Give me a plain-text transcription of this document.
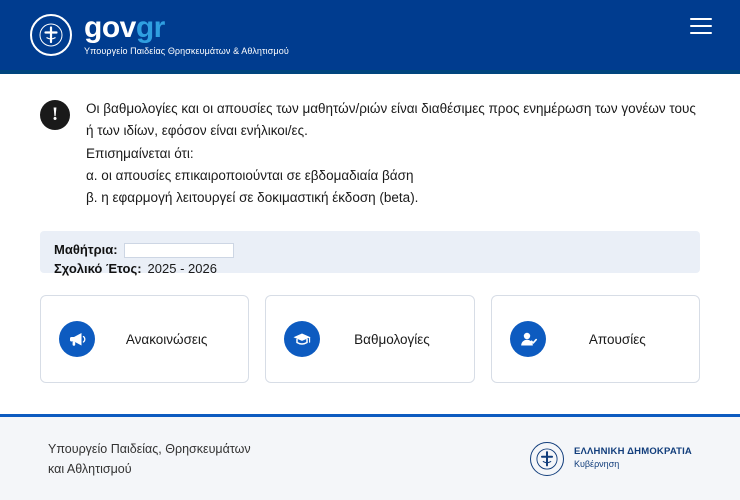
govgr
Υπουργείο Παιδείας Θρησκευμάτων & Αθλητισμού
!	Οι βαθμολογίες και οι απουσίες των μαθητών/ριών είναι διαθέσιμες προς ενημέρωση των γονέων τους ή των ιδίων, εφόσον είναι ενήλικοι/ες.

Επισημαίνεται ότι:

α. οι απουσίες επικαιροποιούνται σε εβδομαδιαία βάση

β. η εφαρμογή λειτουργεί σε δοκιμαστική έκδοση (beta).

Μαθήτρια:
Σχολικό Έτος: 2025 - 2026
Ανακοινώσεις	Βαθμολογίες	Απουσίες
Υπουργείο Παιδείας, Θρησκευμάτων
και Αθλητισμού
ΕΛΛΗΝΙΚΗ ΔΗΜΟΚΡΑΤΙΑ
Κυβέρνηση
